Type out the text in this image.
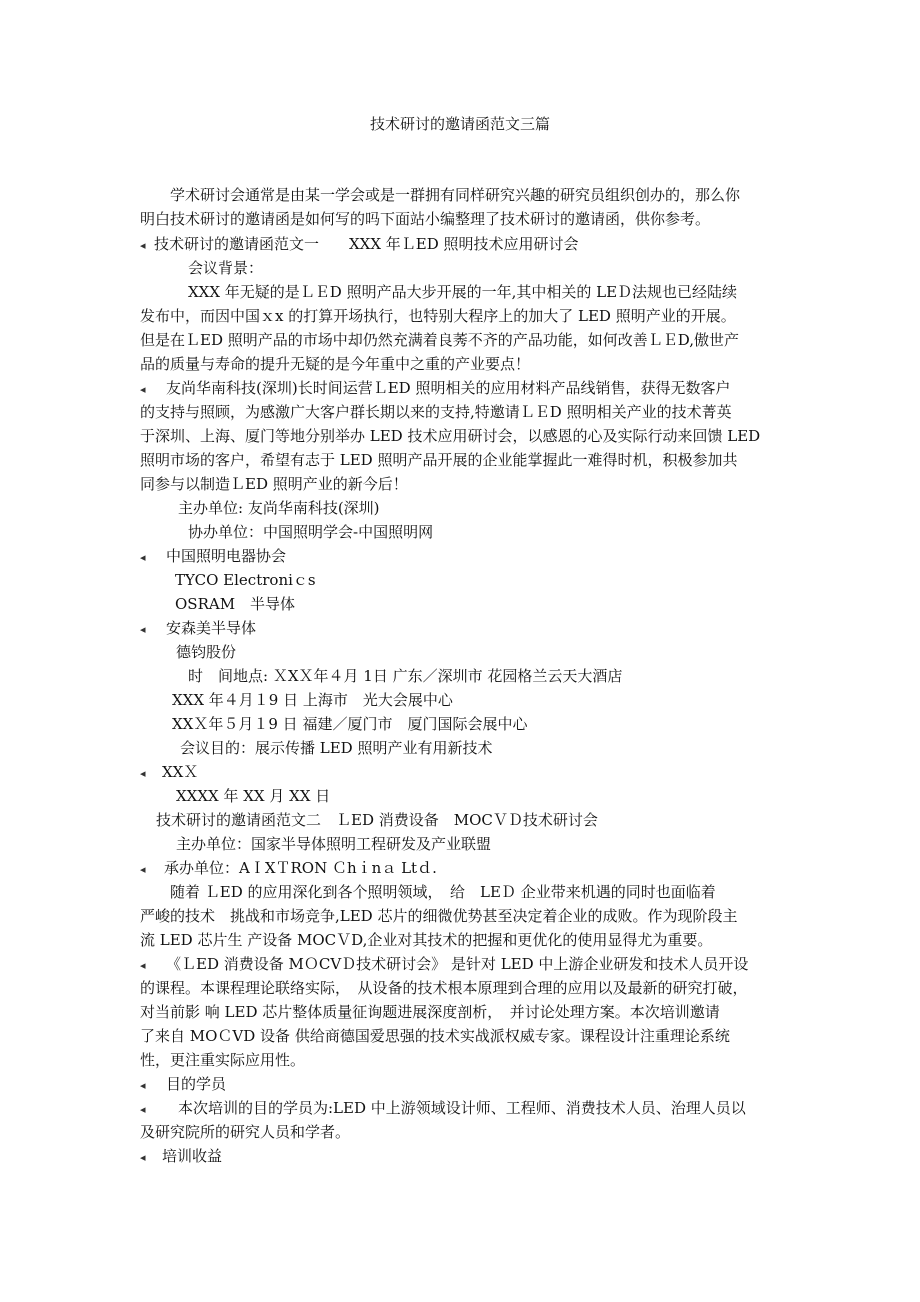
技术研讨的邀请函范文三篇
学术研讨会通常是由某一学会或是一群拥有同样研究兴趣的研究员组织创办的，那么你
明白技术研讨的邀请函是如何写的吗下面站小编整理了技术研讨的邀请函，供你参考。
◂ 技术研讨的邀请函范文一　　XXX 年ＬED 照明技术应用研讨会
会议背景：
XXX 年无疑的是ＬＥD 照明产品大步开展的一年,其中相关的 LEＤ法规也已经陆续
发布中，而因中国ｘx 的打算开场执行，也特别大程序上的加大了 LED 照明产业的开展。
但是在ＬED 照明产品的市场中却仍然充满着良莠不齐的产品功能，如何改善ＬＥD,傲世产
品的质量与寿命的提升无疑的是今年重中之重的产业要点！
◂ 友尚华南科技(深圳)长时间运营ＬED 照明相关的应用材料产品线销售，获得无数客户
的支持与照顾，为感激广大客户群长期以来的支持,特邀请ＬＥD 照明相关产业的技术菁英
于深圳、上海、厦门等地分别举办 LED 技术应用研讨会，以感恩的心及实际行动来回馈 LED
照明市场的客户，希望有志于 LED 照明产品开展的企业能掌握此一难得时机，积极参加共
同参与以制造ＬED 照明产业的新今后！
主办单位: 友尚华南科技(深圳)
协办单位：中国照明学会-中国照明网
◂ 中国照明电器协会
TYCO Electroniｃs
OSRAM　半导体
◂ 安森美半导体
德钧股份
时　间地点: ＸXＸ年４月 1日 广东／深圳市 花园格兰云天大酒店
XXX 年４月１9 日 上海市　光大会展中心
XXＸ年５月１9 日 福建／厦门市　厦门国际会展中心
会议目的：展示传播 LED 照明产业有用新技术
◂ XXＸ
XXXX 年 XX 月 XX 日
技术研讨的邀请函范文二　ＬED 消费设备　MOCＶＤ技术研讨会
主办单位：国家半导体照明工程研发及产业联盟
◂ 承办单位：AＩXＴRON Ｃhｉnａ Ltｄ.
随着 ＬED 的应用深化到各个照明领域，　给　LEＤ 企业带来机遇的同时也面临着
严峻的技术　挑战和市场竞争,LED 芯片的细微优势甚至决定着企业的成败。作为现阶段主
流 LED 芯片生 产设备 MOCＶD,企业对其技术的把握和更优化的使用显得尤为重要。
◂ 《ＬED 消费设备 MＯCVＤ技术研讨会》 是针对 LED 中上游企业研发和技术人员开设
的课程。本课程理论联络实际，　从设备的技术根本原理到合理的应用以及最新的研究打破，
对当前影 响 LED 芯片整体质量征询题进展深度剖析，　并讨论处理方案。本次培训邀请
了来自 MOＣVD 设备 供给商德国爱思强的技术实战派权威专家。课程设计注重理论系统
性，更注重实际应用性。
◂ 目的学员
◂ 本次培训的目的学员为:LED 中上游领域设计师、工程师、消费技术人员、治理人员以
及研究院所的研究人员和学者。
◂ 培训收益
